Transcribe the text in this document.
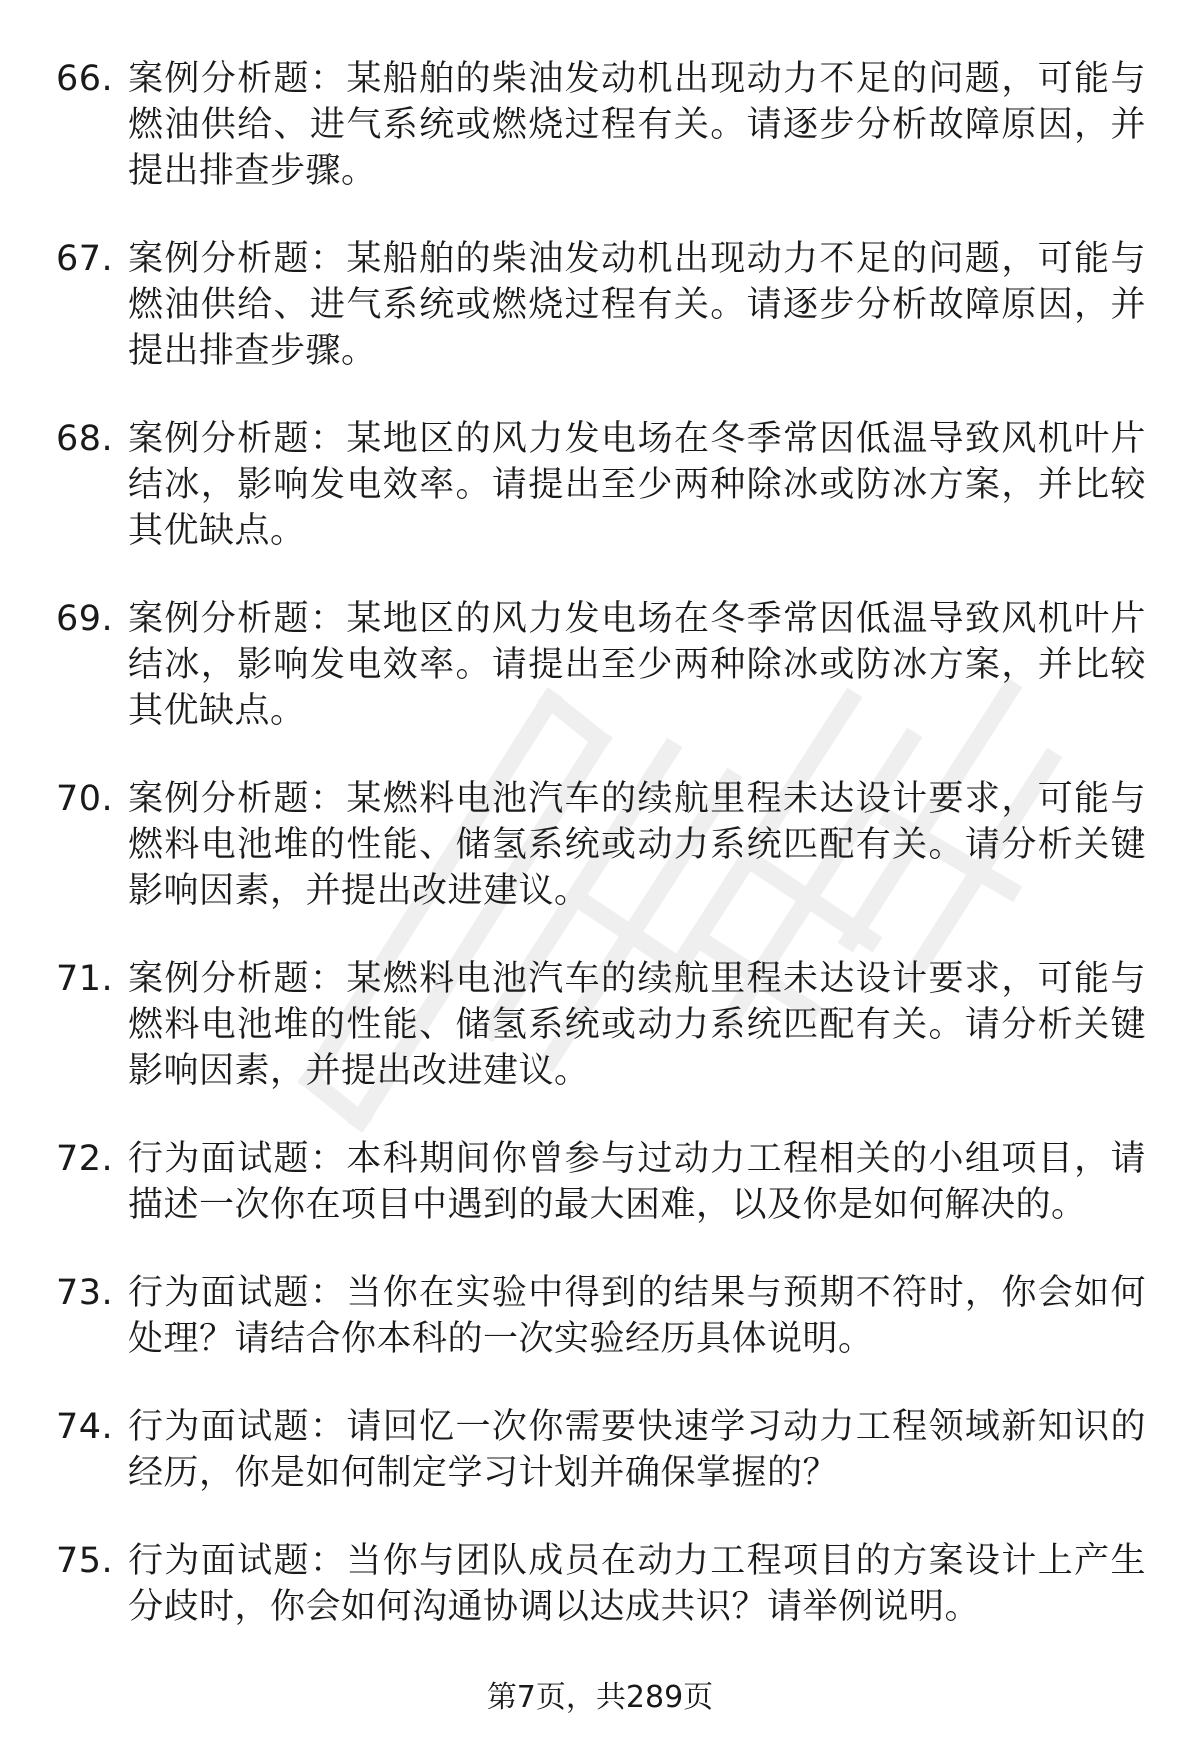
66. 案例分析题：某船舶的柴油发动机出现动力不足的问题，可能与燃油供给、进气系统或燃烧过程有关。请逐步分析故障原因，并提出排查步骤。
67. 案例分析题：某船舶的柴油发动机出现动力不足的问题，可能与燃油供给、进气系统或燃烧过程有关。请逐步分析故障原因，并提出排查步骤。
68. 案例分析题：某地区的风力发电场在冬季常因低温导致风机叶片结冰，影响发电效率。请提出至少两种除冰或防冰方案，并比较其优缺点。
69. 案例分析题：某地区的风力发电场在冬季常因低温导致风机叶片结冰，影响发电效率。请提出至少两种除冰或防冰方案，并比较其优缺点。
70. 案例分析题：某燃料电池汽车的续航里程未达设计要求，可能与燃料电池堆的性能、储氢系统或动力系统匹配有关。请分析关键影响因素，并提出改进建议。
71. 案例分析题：某燃料电池汽车的续航里程未达设计要求，可能与燃料电池堆的性能、储氢系统或动力系统匹配有关。请分析关键影响因素，并提出改进建议。
72. 行为面试题：本科期间你曾参与过动力工程相关的小组项目，请描述一次你在项目中遇到的最大困难，以及你是如何解决的。
73. 行为面试题：当你在实验中得到的结果与预期不符时，你会如何处理？请结合你本科的一次实验经历具体说明。
74. 行为面试题：请回忆一次你需要快速学习动力工程领域新知识的经历，你是如何制定学习计划并确保掌握的？
75. 行为面试题：当你与团队成员在动力工程项目的方案设计上产生分歧时，你会如何沟通协调以达成共识？请举例说明。
第7页，共289页
